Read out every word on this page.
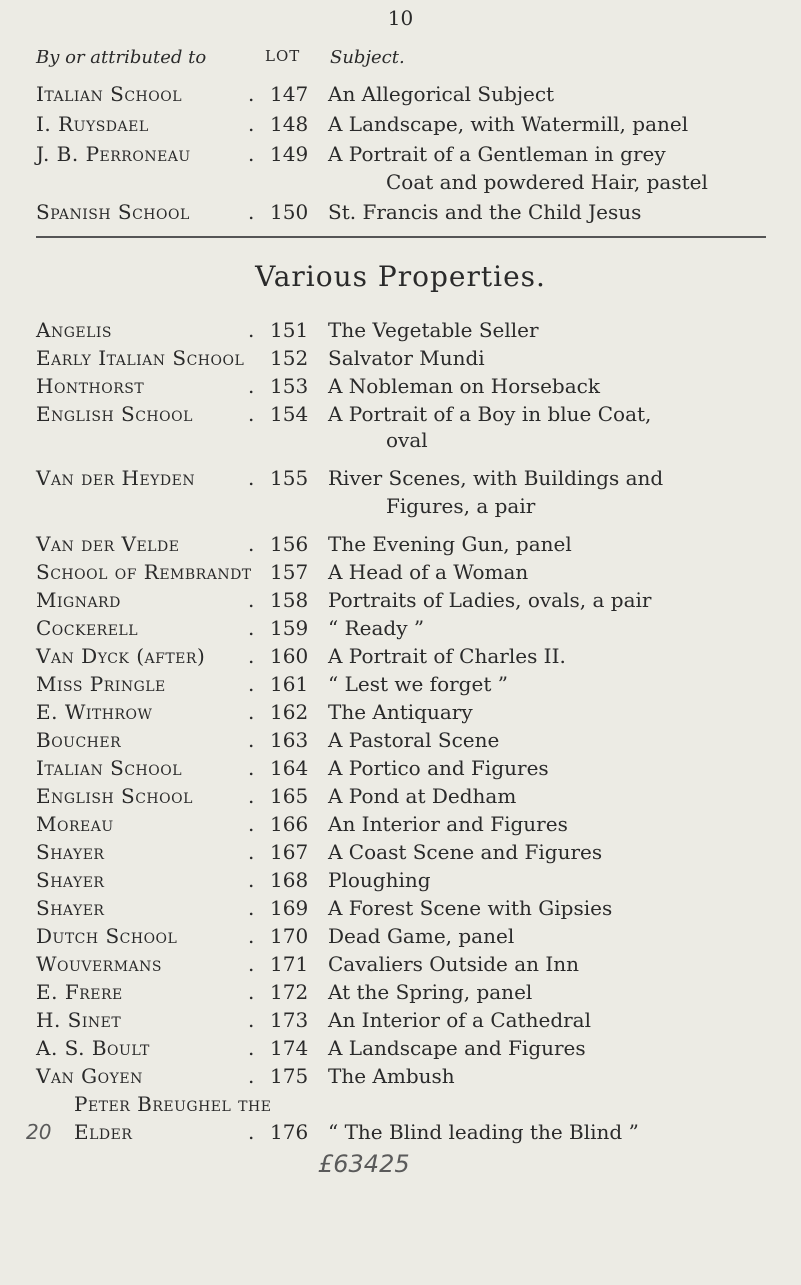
10
By or attributed to	LOT Subject.
Italian School	. 147 An Allegorical Subject
I. Ruysdael	. 148 A Landscape, with Watermill, panel
J. B. Perroneau	. 149 A Portrait of a Gentleman in grey
Coat and powdered Hair, pastel
Spanish School	. 150 St. Francis and the Child Jesus
Various Properties.
Angelis	. 151 The Vegetable Seller
Early Italian School 152 Salvator Mundi
Honthorst	. 153 A Nobleman on Horseback
English School	. 154 A Portrait of a Boy in blue Coat,
oval
Van der Heyden	. 155 River Scenes, with Buildings and
Figures, a pair
Van der Velde	. 156 The Evening Gun, panel
School of Rembrandt 157 A Head of a Woman
Mignard	. 158 Portraits of Ladies, ovals, a pair
Cockerell	. 159 “ Ready ”
Van Dyck (after) . 160 A Portrait of Charles II.
Miss Pringle	. 161 “ Lest we forget ”
E. Withrow	. 162 The Antiquary
Boucher	. 163 A Pastoral Scene
Italian School	. 164 A Portico and Figures
English School	. 165 A Pond at Dedham
Moreau	. 166 An Interior and Figures
Shayer	. 167 A Coast Scene and Figures
Shayer	. 168 Ploughing
Shayer	. 169 A Forest Scene with Gipsies
Dutch School	. 170 Dead Game, panel
Wouvermans	. 171 Cavaliers Outside an Inn
E. Frere	. 172 At the Spring, panel
H. Sinet	. 173 An Interior of a Cathedral
A. S. Boult	. 174 A Landscape and Figures
Van Goyen	. 175 The Ambush
Peter Breughel the
Elder	. 176 “ The Blind leading the Blind ”
20
£63425
